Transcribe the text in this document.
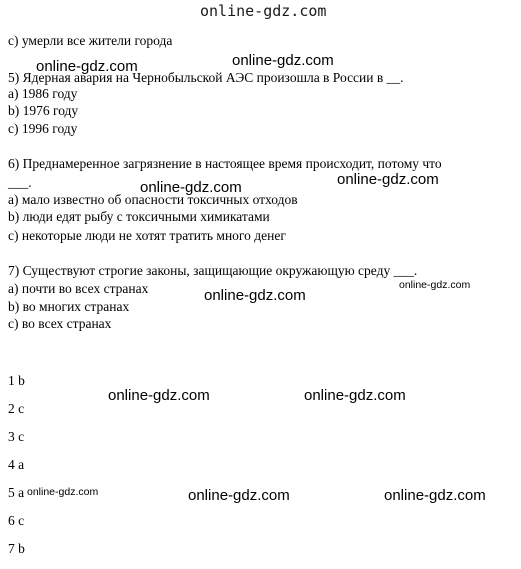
online-gdz.com
c) умерли все жители города
5) Ядерная авария на Чернобыльской АЭС произошла в России в __.
a) 1986 году
b) 1976 году
c) 1996 году
6) Преднамеренное загрязнение в настоящее время происходит, потому что
___.
a) мало известно об опасности токсичных отходов
b) люди едят рыбу с токсичными химикатами
c) некоторые люди не хотят тратить много денег
7) Существуют строгие законы, защищающие окружающую среду ___.
a) почти во всех странах
b) во многих странах
c) во всех странах
1 b
2 c
3 c
4 a
5 a
6 c
7 b
online-gdz.com
online-gdz.com
online-gdz.com
online-gdz.com
online-gdz.com
online-gdz.com
online-gdz.com	online-gdz.com
online-gdz.com	online-gdz.com	online-gdz.com
